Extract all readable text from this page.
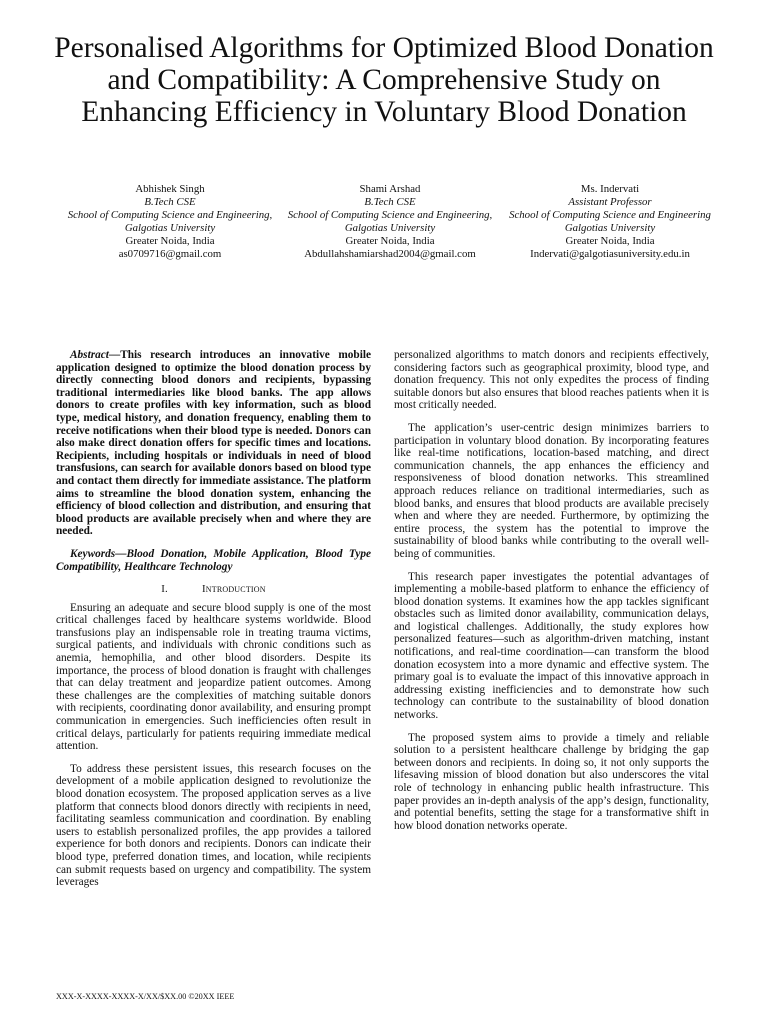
Personalised Algorithms for Optimized Blood Donation and Compatibility: A Comprehensive Study on Enhancing Efficiency in Voluntary Blood Donation
Abhishek Singh
B.Tech CSE
School of Computing Science and Engineering,
Galgotias University
Greater Noida, India
as0709716@gmail.com
Shami Arshad
B.Tech CSE
School of Computing Science and Engineering,
Galgotias University
Greater Noida, India
Abdullahshamiarshad2004@gmail.com
Ms. Indervati
Assistant Professor
School of Computing Science and Engineering
Galgotias University
Greater Noida, India
Indervati@galgotiasuniversity.edu.in

Abstract—This research introduces an innovative mobile application designed to optimize the blood donation process by directly connecting blood donors and recipients, bypassing traditional intermediaries like blood banks. The app allows donors to create profiles with key information, such as blood type, medical history, and donation frequency, enabling them to receive notifications when their blood type is needed. Donors can also make direct donation offers for specific times and locations. Recipients, including hospitals or individuals in need of blood transfusions, can search for available donors based on blood type and contact them directly for immediate assistance. The platform aims to streamline the blood donation system, enhancing the efficiency of blood collection and distribution, and ensuring that blood products are available precisely when and where they are needed.

Keywords—Blood Donation, Mobile Application, Blood Type Compatibility, Healthcare Technology

I.	Introduction

Ensuring an adequate and secure blood supply is one of the most critical challenges faced by healthcare systems worldwide. Blood transfusions play an indispensable role in treating trauma victims, surgical patients, and individuals with chronic conditions such as anemia, hemophilia, and other blood disorders. Despite its importance, the process of blood donation is fraught with challenges that can delay treatment and jeopardize patient outcomes. Among these challenges are the complexities of matching suitable donors with recipients, coordinating donor availability, and ensuring prompt communication in emergencies. Such inefficiencies often result in critical delays, particularly for patients requiring immediate medical attention.

To address these persistent issues, this research focuses on the development of a mobile application designed to revolutionize the blood donation ecosystem. The proposed application serves as a live platform that connects blood donors directly with recipients in need, facilitating seamless communication and coordination. By enabling users to establish personalized profiles, the app provides a tailored experience for both donors and recipients. Donors can indicate their blood type, preferred donation times, and location, while recipients can submit requests based on urgency and compatibility. The system leverages

personalized algorithms to match donors and recipients effectively, considering factors such as geographical proximity, blood type, and donation frequency. This not only expedites the process of finding suitable donors but also ensures that blood reaches patients when it is most critically needed.

The application’s user-centric design minimizes barriers to participation in voluntary blood donation. By incorporating features like real-time notifications, location-based matching, and direct communication channels, the app enhances the efficiency and responsiveness of blood donation networks. This streamlined approach reduces reliance on traditional intermediaries, such as blood banks, and ensures that blood products are available precisely when and where they are needed. Furthermore, by optimizing the entire process, the system has the potential to improve the sustainability of blood banks while contributing to the overall well-being of communities.

This research paper investigates the potential advantages of implementing a mobile-based platform to enhance the efficiency of blood donation systems. It examines how the app tackles significant obstacles such as limited donor availability, communication delays, and logistical challenges. Additionally, the study explores how personalized features—such as algorithm-driven matching, instant notifications, and real-time coordination—can transform the blood donation ecosystem into a more dynamic and effective system. The primary goal is to evaluate the impact of this innovative approach in addressing existing inefficiencies and to demonstrate how such technology can contribute to the sustainability of blood donation networks.

The proposed system aims to provide a timely and reliable solution to a persistent healthcare challenge by bridging the gap between donors and recipients. In doing so, it not only supports the lifesaving mission of blood donation but also underscores the vital role of technology in enhancing public health infrastructure. This paper provides an in-depth analysis of the app’s design, functionality, and potential benefits, setting the stage for a transformative shift in how blood donation networks operate.

XXX-X-XXXX-XXXX-X/XX/$XX.00 ©20XX IEEE
